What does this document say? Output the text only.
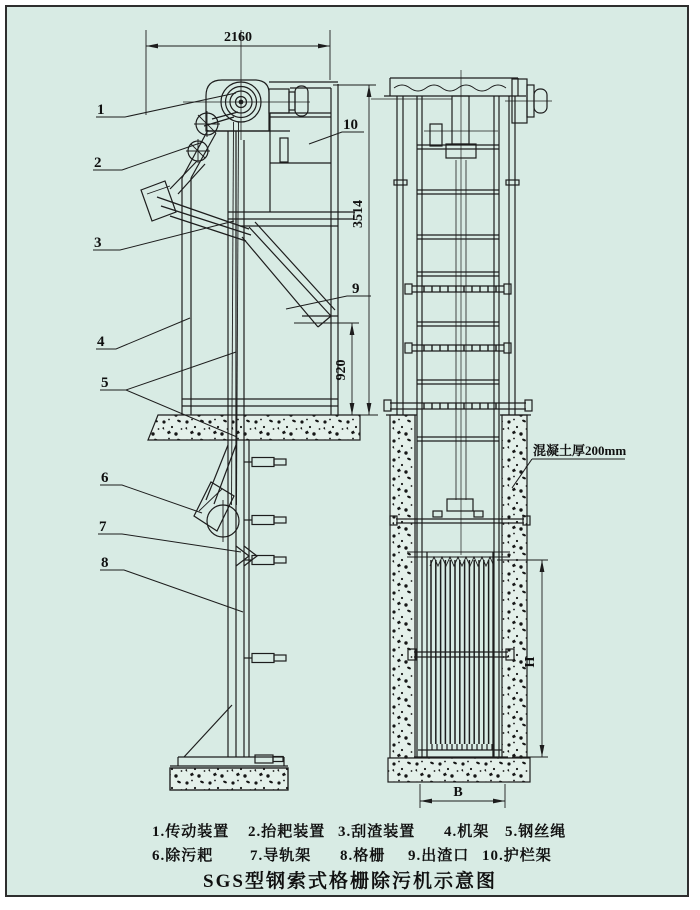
2160
3514
920
H
B
混凝土厚200mm
1
2
3
4
5
6
7
8
9
10
1.传动装置 2.抬耙装置 3.刮渣装置 4.机架 5.钢丝绳
6.除污耙 7.导轨架 8.格栅 9.出渣口 10.护栏架
SGS型钢索式格栅除污机示意图
